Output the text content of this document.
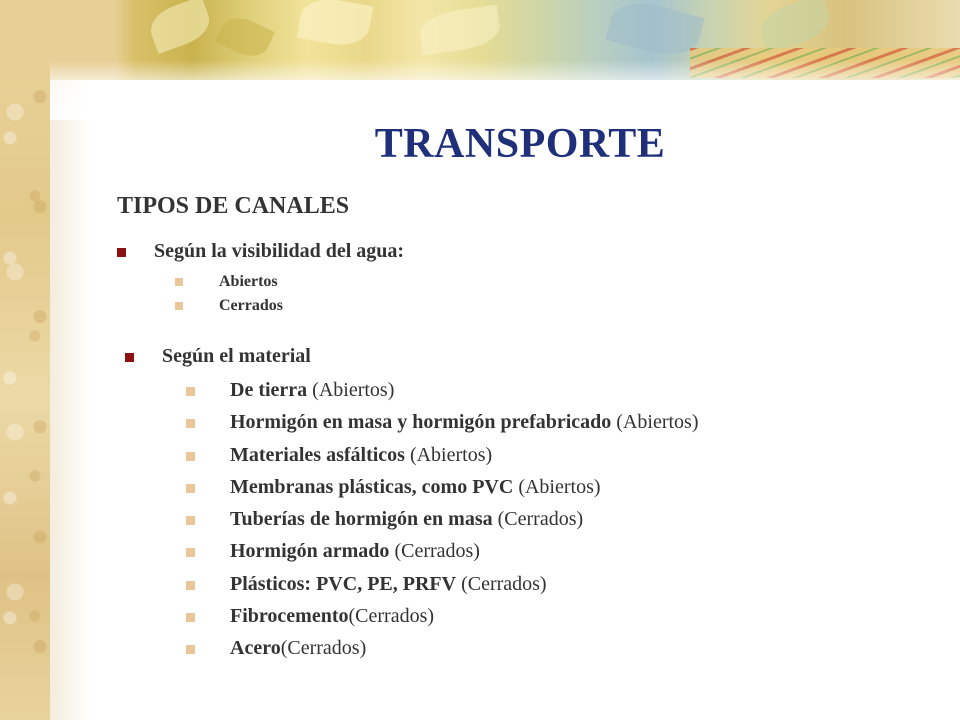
TRANSPORTE
TIPOS DE CANALES
Según la visibilidad del agua:
Abiertos
Cerrados
Según el material
De tierra (Abiertos)
Hormigón en masa y hormigón prefabricado (Abiertos)
Materiales asfálticos (Abiertos)
Membranas plásticas, como PVC (Abiertos)
Tuberías de hormigón en masa (Cerrados)
Hormigón armado (Cerrados)
Plásticos: PVC, PE, PRFV (Cerrados)
Fibrocemento(Cerrados)
Acero(Cerrados)
